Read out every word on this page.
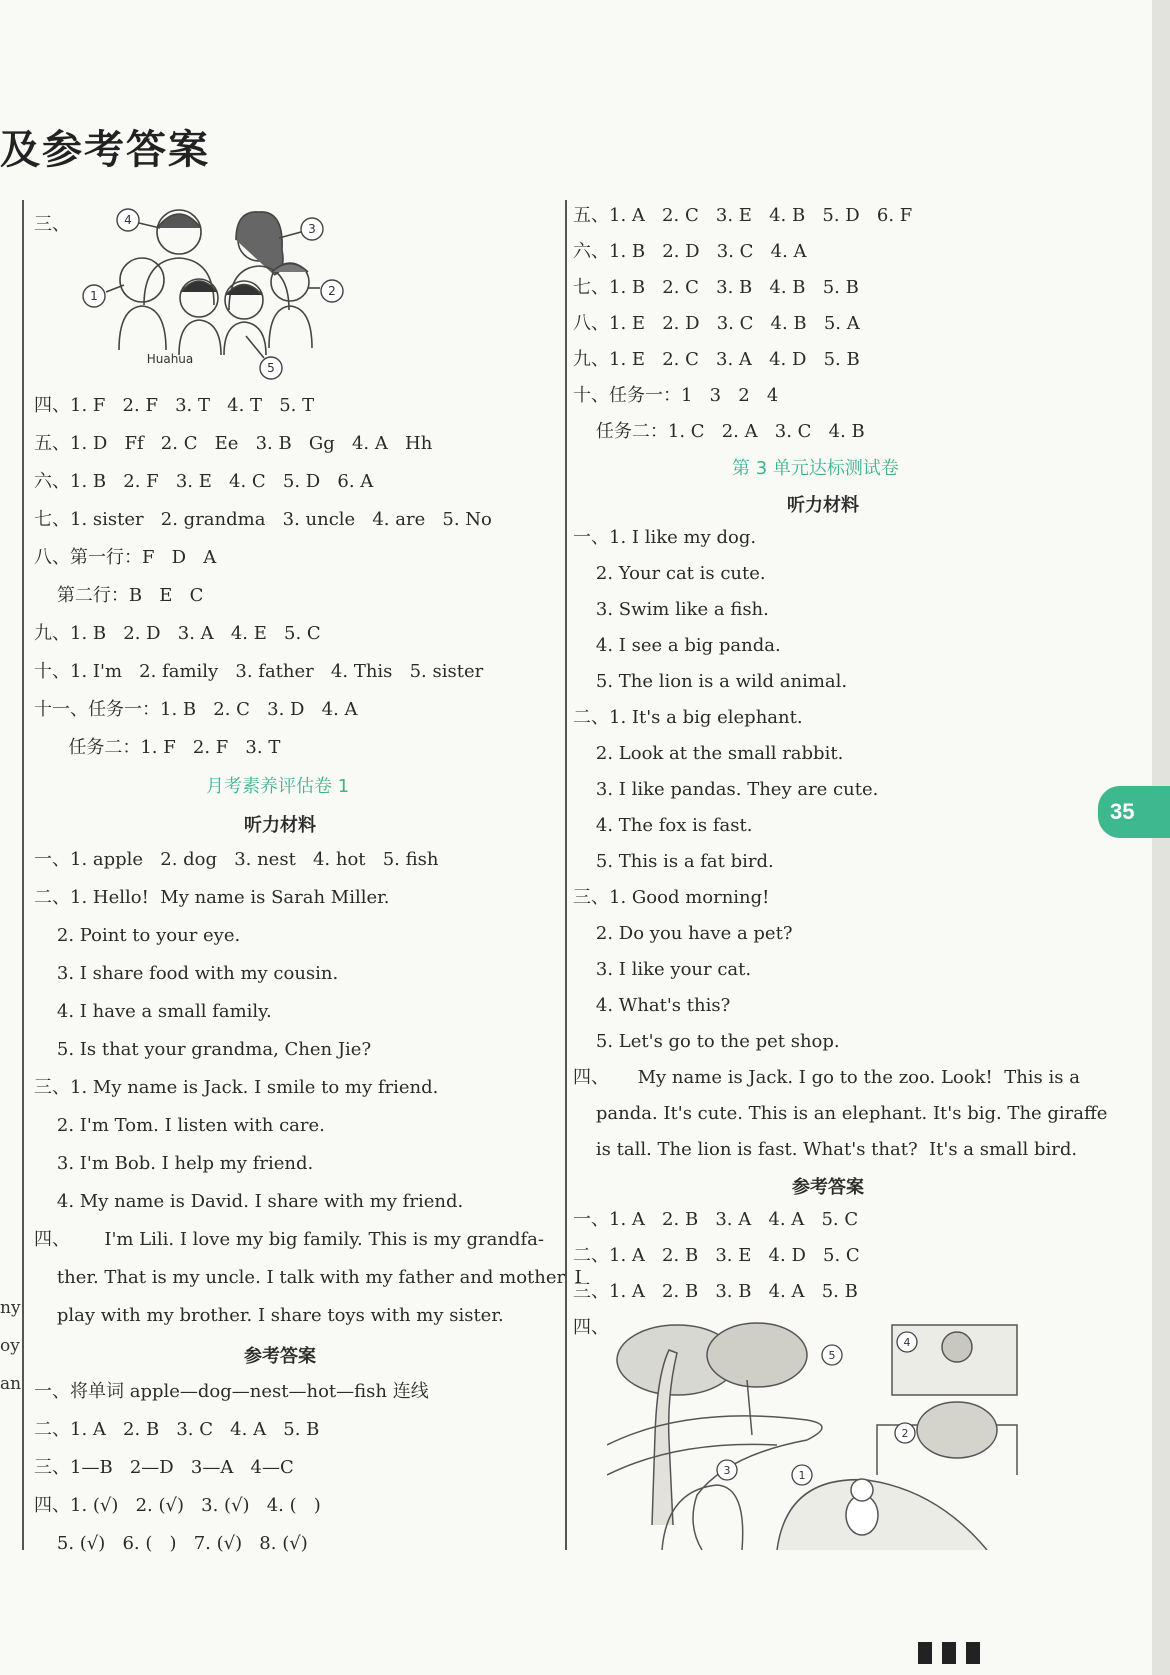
及参考答案
ny
oy
an
三、	4
3
1	2
5
Huahua
四、1. F   2. F   3. T   4. T   5. T
五、1. D   Ff   2. C   Ee   3. B   Gg   4. A   Hh
六、1. B   2. F   3. E   4. C   5. D   6. A
七、1. sister   2. grandma   3. uncle   4. are   5. No
八、第一行：F   D   A
第二行：B   E   C
九、1. B   2. D   3. A   4. E   5. C
十、1. I'm   2. family   3. father   4. This   5. sister
十一、任务一：1. B   2. C   3. D   4. A
任务二：1. F   2. F   3. T
月考素养评估卷 1
听力材料
一、1. apple   2. dog   3. nest   4. hot   5. fish
二、1. Hello!  My name is Sarah Miller.
2. Point to your eye.
3. I share food with my cousin.
4. I have a small family.
5. Is that your grandma, Chen Jie?
三、1. My name is Jack. I smile to my friend.
2. I'm Tom. I listen with care.
3. I'm Bob. I help my friend.
4. My name is David. I share with my friend.
四、      I'm Lili. I love my big family. This is my grandfa-
ther. That is my uncle. I talk with my father and mother. I
play with my brother. I share toys with my sister.
参考答案
一、将单词 apple—dog—nest—hot—fish 连线
二、1. A   2. B   3. C   4. A   5. B
三、1—B   2—D   3—A   4—C
四、1. (√)   2. (√)   3. (√)   4. (   )
5. (√)   6. (   )   7. (√)   8. (√)
五、1. A   2. C   3. E   4. B   5. D   6. F
六、1. B   2. D   3. C   4. A
七、1. B   2. C   3. B   4. B   5. B
八、1. E   2. D   3. C   4. B   5. A
九、1. E   2. C   3. A   4. D   5. B
十、任务一：1   3   2   4
任务二：1. C   2. A   3. C   4. B
第 3 单元达标测试卷
听力材料
一、1. I like my dog.
2. Your cat is cute.
3. Swim like a fish.
4. I see a big panda.
5. The lion is a wild animal.
二、1. It's a big elephant.
2. Look at the small rabbit.
3. I like pandas. They are cute.
4. The fox is fast.
5. This is a fat bird.
三、1. Good morning!
2. Do you have a pet?
3. I like your cat.
4. What's this?
5. Let's go to the pet shop.
四、     My name is Jack. I go to the zoo. Look!  This is a
panda. It's cute. This is an elephant. It's big. The giraffe
is tall. The lion is fast. What's that?  It's a small bird.
参考答案
一、1. A   2. B   3. A   4. A   5. C
二、1. A   2. B   3. E   4. D   5. C
三、1. A   2. B   3. B   4. A   5. B
四、
5
4
2
3	1
35
